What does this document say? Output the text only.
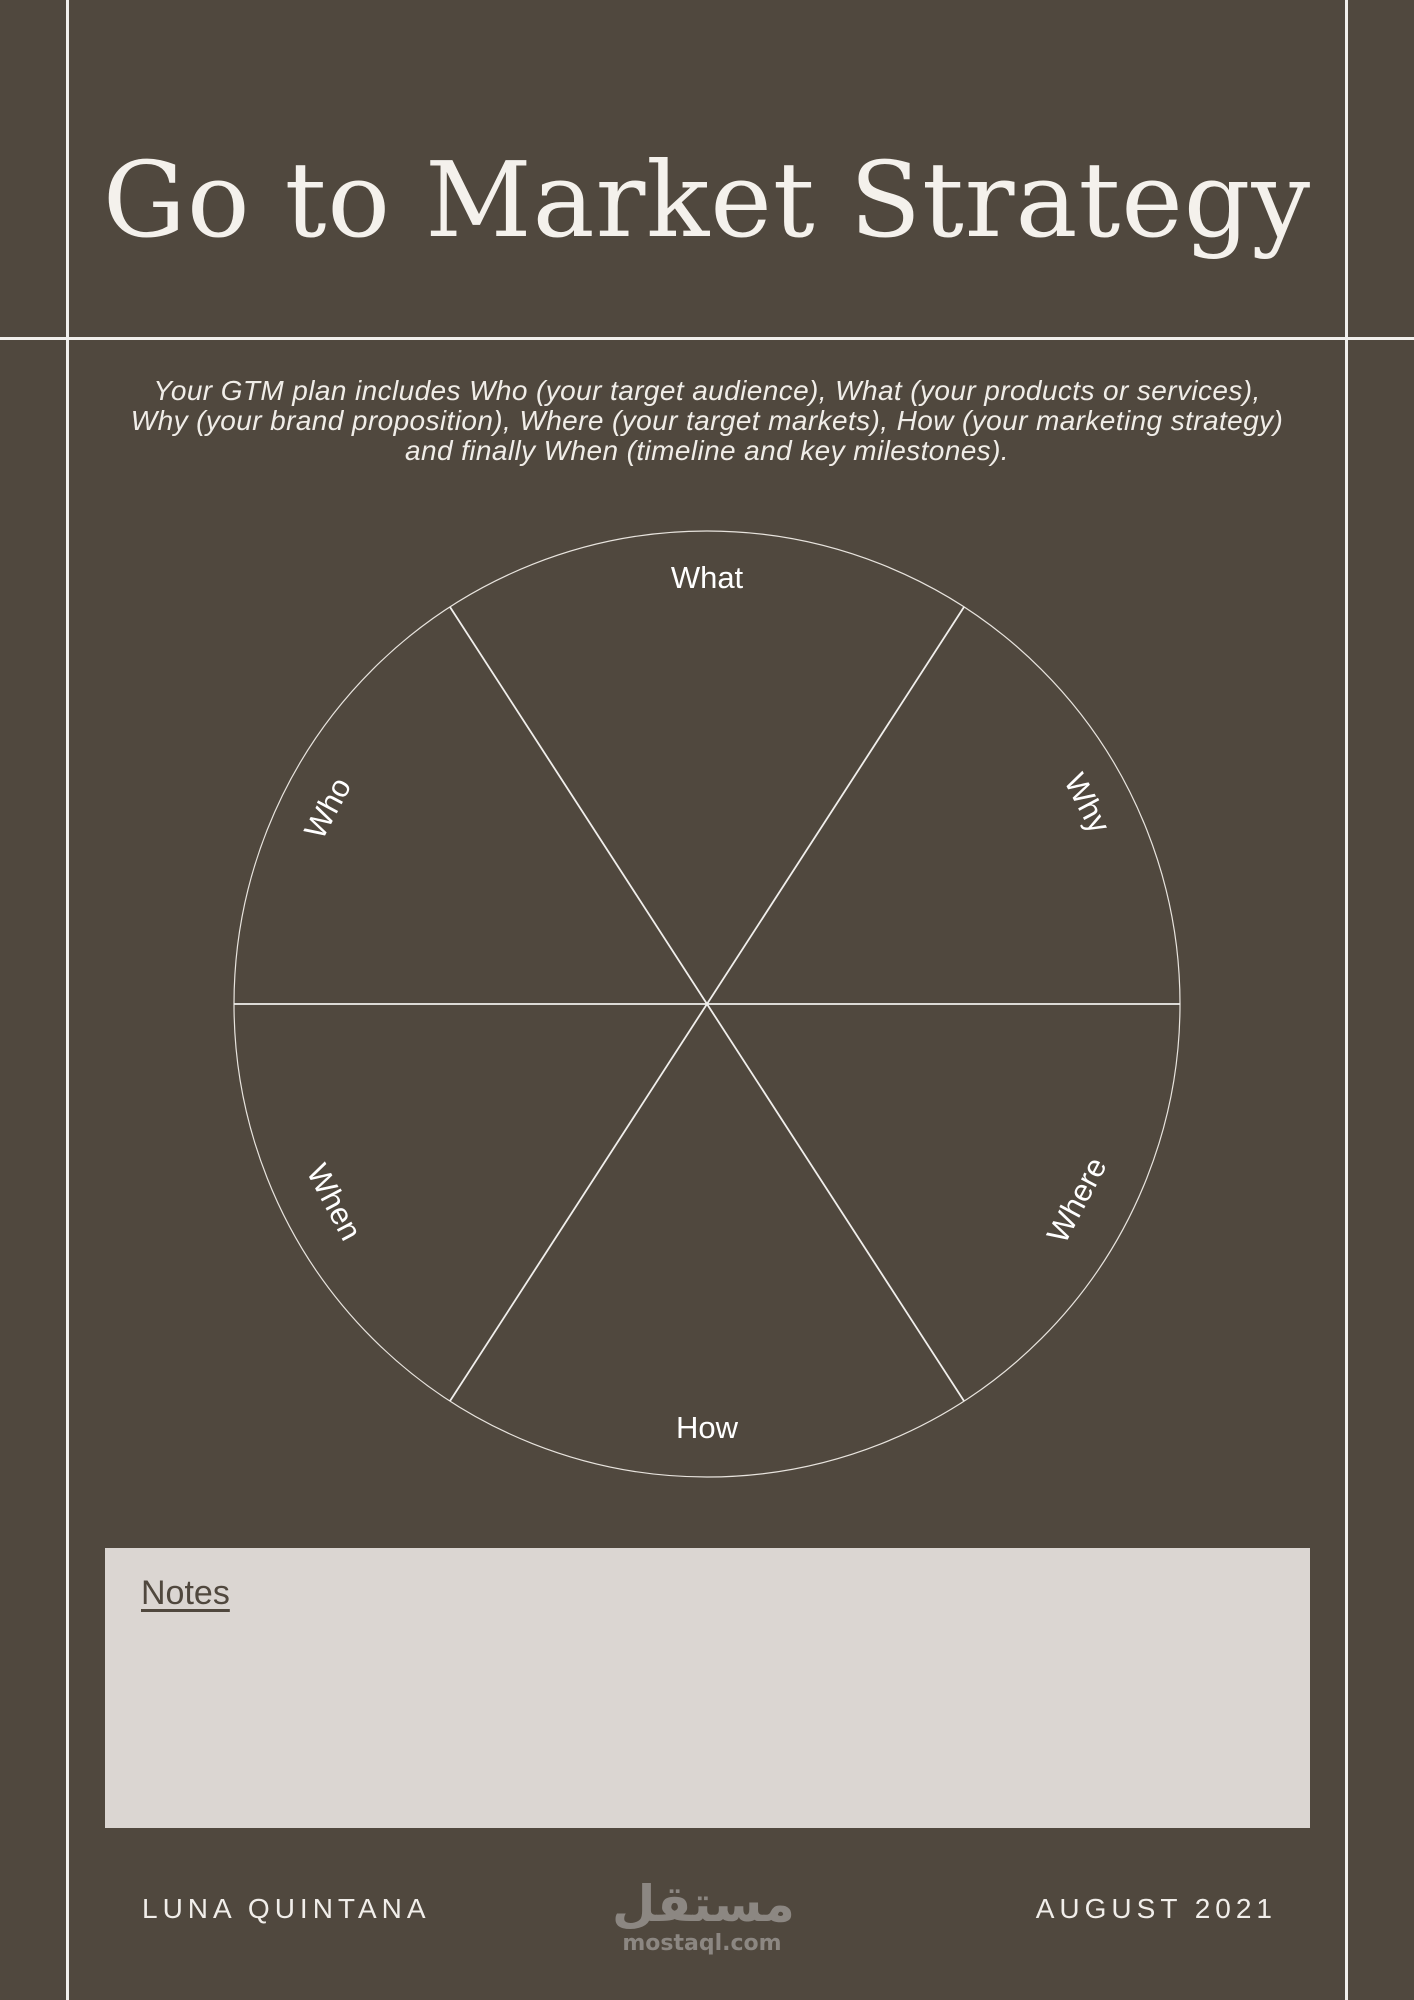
Go to Market Strategy

Your GTM plan includes Who (your target audience), What (your products or services), Why (your brand proposition), Where (your target markets), How (your marketing strategy) and finally When (timeline and key milestones).

What
Why
Where
How
When
Who
Notes
LUNA QUINTANA	مستقل
mostaql.com
AUGUST 2021
